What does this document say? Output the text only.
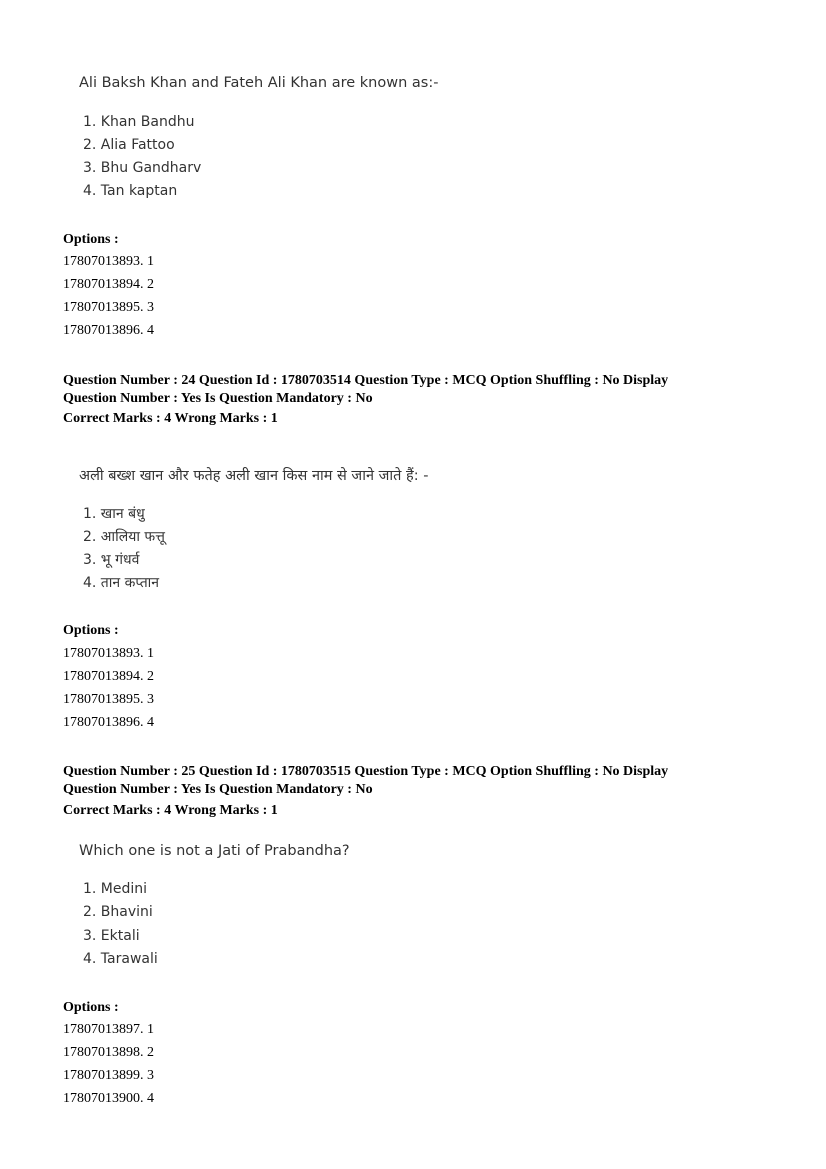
Ali Baksh Khan and Fateh Ali Khan are known as:-
1. Khan Bandhu
2. Alia Fattoo
3. Bhu Gandharv
4. Tan kaptan
Options :
17807013893. 1
17807013894. 2
17807013895. 3
17807013896. 4
Question Number : 24 Question Id : 1780703514 Question Type : MCQ Option Shuffling : No Display
Question Number : Yes Is Question Mandatory : No
Correct Marks : 4 Wrong Marks : 1
अली बख्श खान और फतेह अली खान किस नाम से जाने जाते हैं: -
1. खान बंधु
2. आलिया फत्तू
3. भू गंधर्व
4. तान कप्तान
Options :
17807013893. 1
17807013894. 2
17807013895. 3
17807013896. 4
Question Number : 25 Question Id : 1780703515 Question Type : MCQ Option Shuffling : No Display
Question Number : Yes Is Question Mandatory : No
Correct Marks : 4 Wrong Marks : 1
Which one is not a Jati of Prabandha?
1. Medini
2. Bhavini
3. Ektali
4. Tarawali
Options :
17807013897. 1
17807013898. 2
17807013899. 3
17807013900. 4
